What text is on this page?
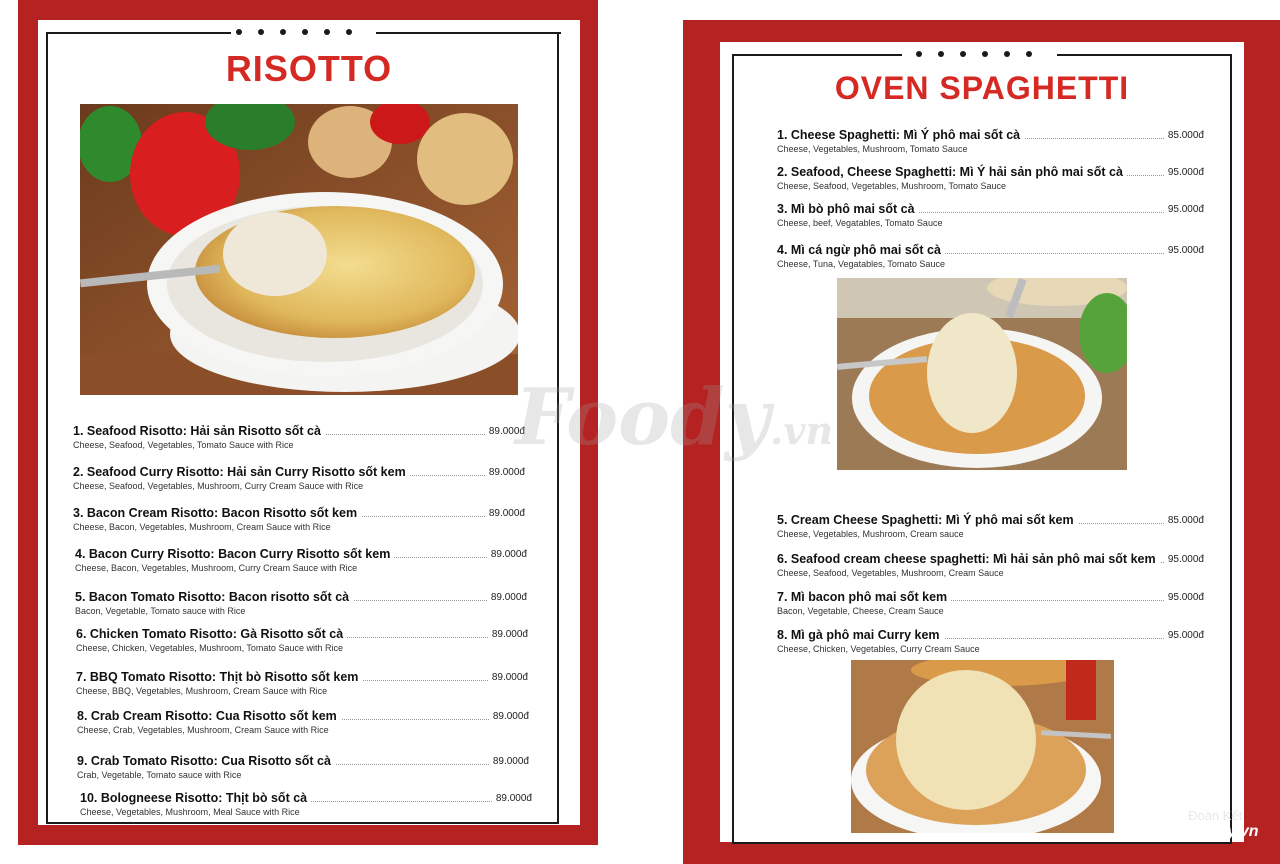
RISOTTO
1. Seafood Risotto: Hải sản Risotto sốt cà
Cheese, Seafood, Vegetables, Tomato Sauce with Rice
89.000đ
2. Seafood Curry Risotto: Hải sản Curry Risotto sốt kem
Cheese, Seafood, Vegetables, Mushroom, Curry Cream Sauce with Rice
89.000đ
3. Bacon Cream Risotto: Bacon Risotto sốt kem
Cheese, Bacon, Vegetables, Mushroom, Cream Sauce with Rice
89.000đ
4. Bacon Curry Risotto: Bacon Curry Risotto sốt kem
Cheese, Bacon, Vegetables, Mushroom, Curry Cream Sauce with Rice
89.000đ
5. Bacon Tomato Risotto: Bacon risotto sốt cà
Bacon, Vegetable, Tomato sauce with Rice
89.000đ
6. Chicken Tomato Risotto: Gà Risotto sốt cà
Cheese, Chicken, Vegetables, Mushroom, Tomato Sauce with Rice
89.000đ
7. BBQ Tomato Risotto: Thịt bò Risotto sốt kem
Cheese, BBQ, Vegetables, Mushroom, Cream Sauce with Rice
89.000đ
8. Crab Cream Risotto: Cua Risotto sốt kem
Cheese, Crab, Vegetables, Mushroom, Cream Sauce with Rice
89.000đ
9. Crab Tomato Risotto: Cua Risotto sốt cà
Crab, Vegetable, Tomato sauce with Rice
89.000đ
10. Bologneese Risotto: Thịt bò sốt cà
Cheese, Vegetables, Mushroom, Meal Sauce with Rice
89.000đ
OVEN SPAGHETTI
1. Cheese Spaghetti: Mì Ý phô mai sốt cà
Cheese, Vegetables, Mushroom, Tomato Sauce
85.000đ
2. Seafood, Cheese Spaghetti: Mì Ý hải sản phô mai sốt cà
Cheese, Seafood, Vegetables, Mushroom, Tomato Sauce
95.000đ
3. Mì bò phô mai sốt cà
Cheese, beef, Vegatables, Tomato Sauce
95.000đ
4. Mì cá ngừ phô mai sốt cà
Cheese, Tuna, Vegatables, Tomato Sauce
95.000đ
5. Cream Cheese Spaghetti: Mì Ý phô mai sốt kem
Cheese, Vegetables, Mushroom, Cream sauce
85.000đ
6. Seafood cream cheese spaghetti: Mì hải sản phô mai sốt kem
Cheese, Seafood, Vegetables, Mushroom, Cream Sauce
95.000đ
7. Mì bacon phô mai sốt kem
Bacon, Vegetable, Cheese, Cream Sauce
95.000đ
8. Mì gà phô mai Curry kem
Cheese, Chicken, Vegetables, Curry Cream Sauce
95.000đ
Foody.vn
Đoàn Kết
Foody.vn
